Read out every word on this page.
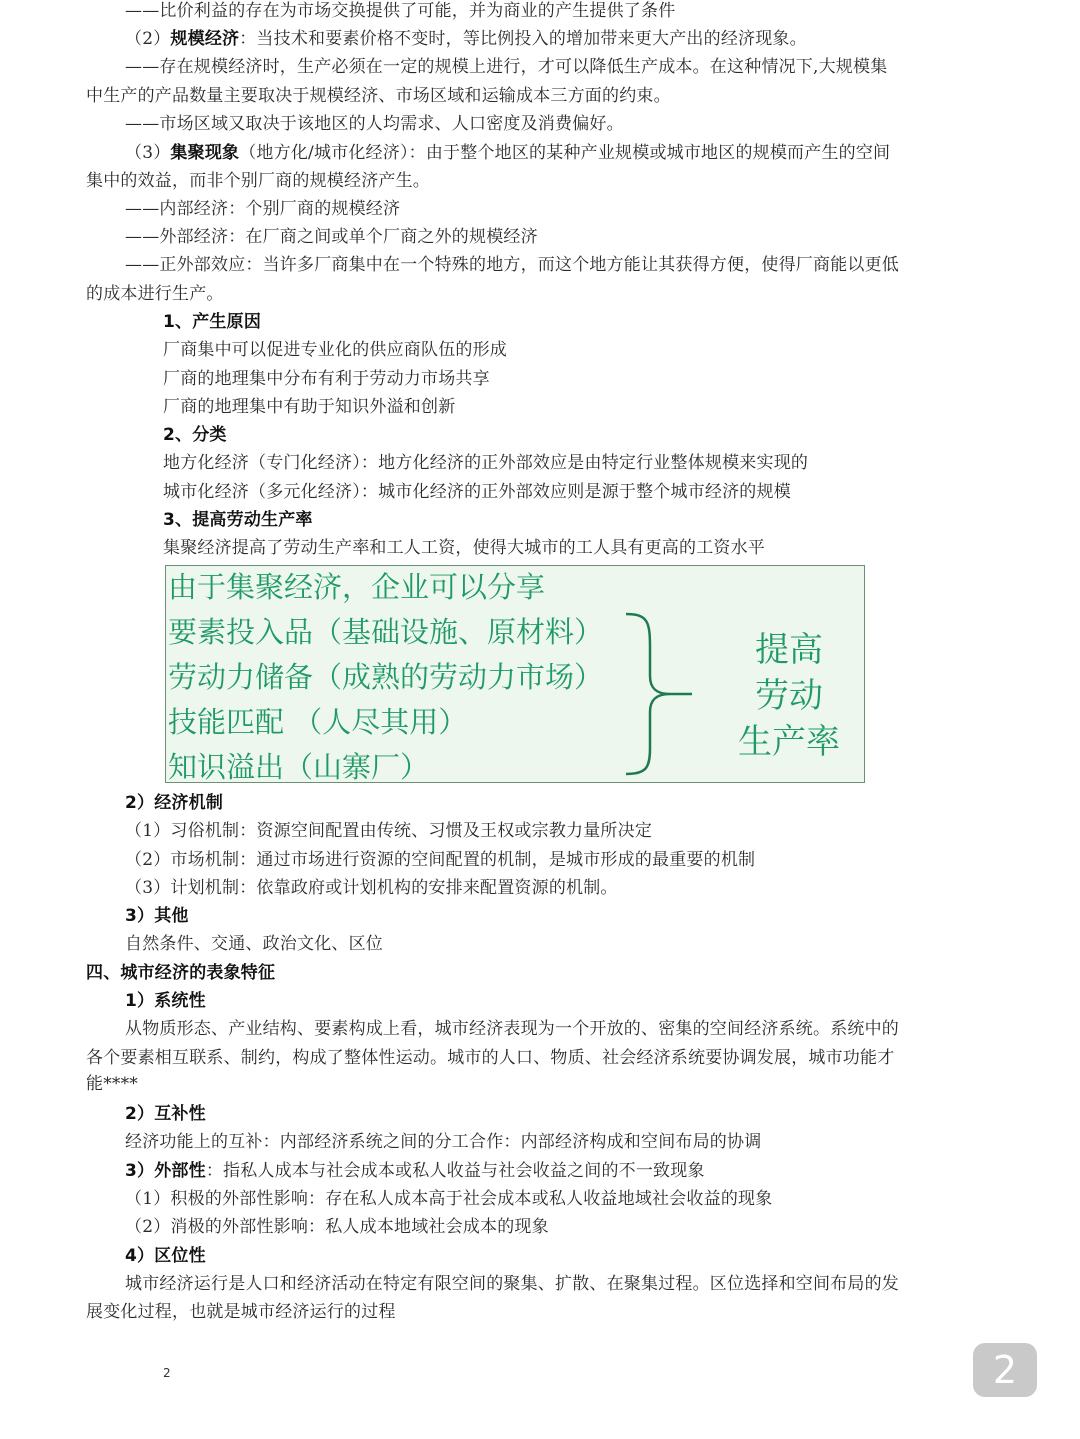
——比价利益的存在为市场交换提供了可能，并为商业的产生提供了条件
（2）规模经济：当技术和要素价格不变时，等比例投入的增加带来更大产出的经济现象。
——存在规模经济时，生产必须在一定的规模上进行，才可以降低生产成本。在这种情况下,大规模集
中生产的产品数量主要取决于规模经济、市场区域和运输成本三方面的约束。
——市场区域又取决于该地区的人均需求、人口密度及消费偏好。
（3）集聚现象（地方化/城市化经济）：由于整个地区的某种产业规模或城市地区的规模而产生的空间
集中的效益，而非个别厂商的规模经济产生。
——内部经济：个别厂商的规模经济
——外部经济：在厂商之间或单个厂商之外的规模经济
——正外部效应：当许多厂商集中在一个特殊的地方，而这个地方能让其获得方便，使得厂商能以更低
的成本进行生产。
1、产生原因
厂商集中可以促进专业化的供应商队伍的形成
厂商的地理集中分布有利于劳动力市场共享
厂商的地理集中有助于知识外溢和创新
2、分类
地方化经济（专门化经济）：地方化经济的正外部效应是由特定行业整体规模来实现的
城市化经济（多元化经济）：城市化经济的正外部效应则是源于整个城市经济的规模
3、提高劳动生产率
集聚经济提高了劳动生产率和工人工资，使得大城市的工人具有更高的工资水平
由于集聚经济，企业可以分享
要素投入品（基础设施、原材料）
劳动力储备（成熟的劳动力市场）
技能匹配 （人尽其用）
知识溢出（山寨厂）
提高
劳动
生产率
2）经济机制
（1）习俗机制：资源空间配置由传统、习惯及王权或宗教力量所决定
（2）市场机制：通过市场进行资源的空间配置的机制，是城市形成的最重要的机制
（3）计划机制：依靠政府或计划机构的安排来配置资源的机制。
3）其他
自然条件、交通、政治文化、区位
四、城市经济的表象特征
1）系统性
从物质形态、产业结构、要素构成上看，城市经济表现为一个开放的、密集的空间经济系统。系统中的
各个要素相互联系、制约，构成了整体性运动。城市的人口、物质、社会经济系统要协调发展，城市功能才
能****
2）互补性
经济功能上的互补：内部经济系统之间的分工合作：内部经济构成和空间布局的协调
3）外部性：指私人成本与社会成本或私人收益与社会收益之间的不一致现象
（1）积极的外部性影响：存在私人成本高于社会成本或私人收益地域社会收益的现象
（2）消极的外部性影响：私人成本地域社会成本的现象
4）区位性
城市经济运行是人口和经济活动在特定有限空间的聚集、扩散、在聚集过程。区位选择和空间布局的发
展变化过程，也就是城市经济运行的过程
2	2
